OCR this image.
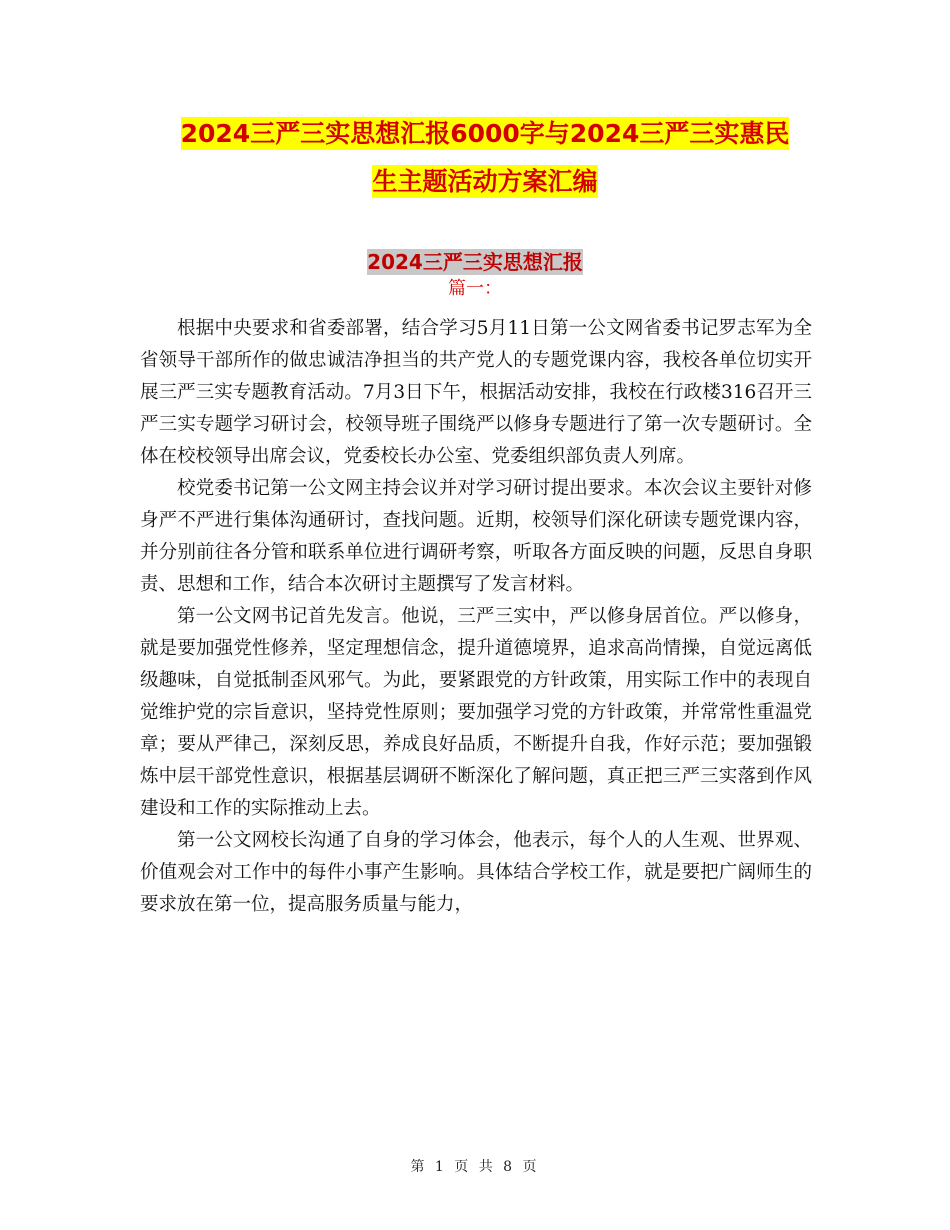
2024三严三实思想汇报6000字与2024三严三实惠民
生主题活动方案汇编
2024三严三实思想汇报
篇一：

根据中央要求和省委部署，结合学习5月11日第一公文网省委书记罗志军为全省领导干部所作的做忠诚洁净担当的共产党人的专题党课内容，我校各单位切实开展三严三实专题教育活动。7月3日下午，根据活动安排，我校在行政楼316召开三严三实专题学习研讨会，校领导班子围绕严以修身专题进行了第一次专题研讨。全体在校校领导出席会议，党委校长办公室、党委组织部负责人列席。

校党委书记第一公文网主持会议并对学习研讨提出要求。本次会议主要针对修身严不严进行集体沟通研讨，查找问题。近期，校领导们深化研读专题党课内容，并分别前往各分管和联系单位进行调研考察，听取各方面反映的问题，反思自身职责、思想和工作，结合本次研讨主题撰写了发言材料。

第一公文网书记首先发言。他说，三严三实中，严以修身居首位。严以修身，就是要加强党性修养，坚定理想信念，提升道德境界，追求高尚情操，自觉远离低级趣味，自觉抵制歪风邪气。为此，要紧跟党的方针政策，用实际工作中的表现自觉维护党的宗旨意识，坚持党性原则；要加强学习党的方针政策，并常常性重温党章；要从严律己，深刻反思，养成良好品质，不断提升自我，作好示范；要加强锻炼中层干部党性意识，根据基层调研不断深化了解问题，真正把三严三实落到作风建设和工作的实际推动上去。

第一公文网校长沟通了自身的学习体会，他表示，每个人的人生观、世界观、价值观会对工作中的每件小事产生影响。具体结合学校工作，就是要把广阔师生的要求放在第一位，提高服务质量与能力，

第 1 页 共 8 页
